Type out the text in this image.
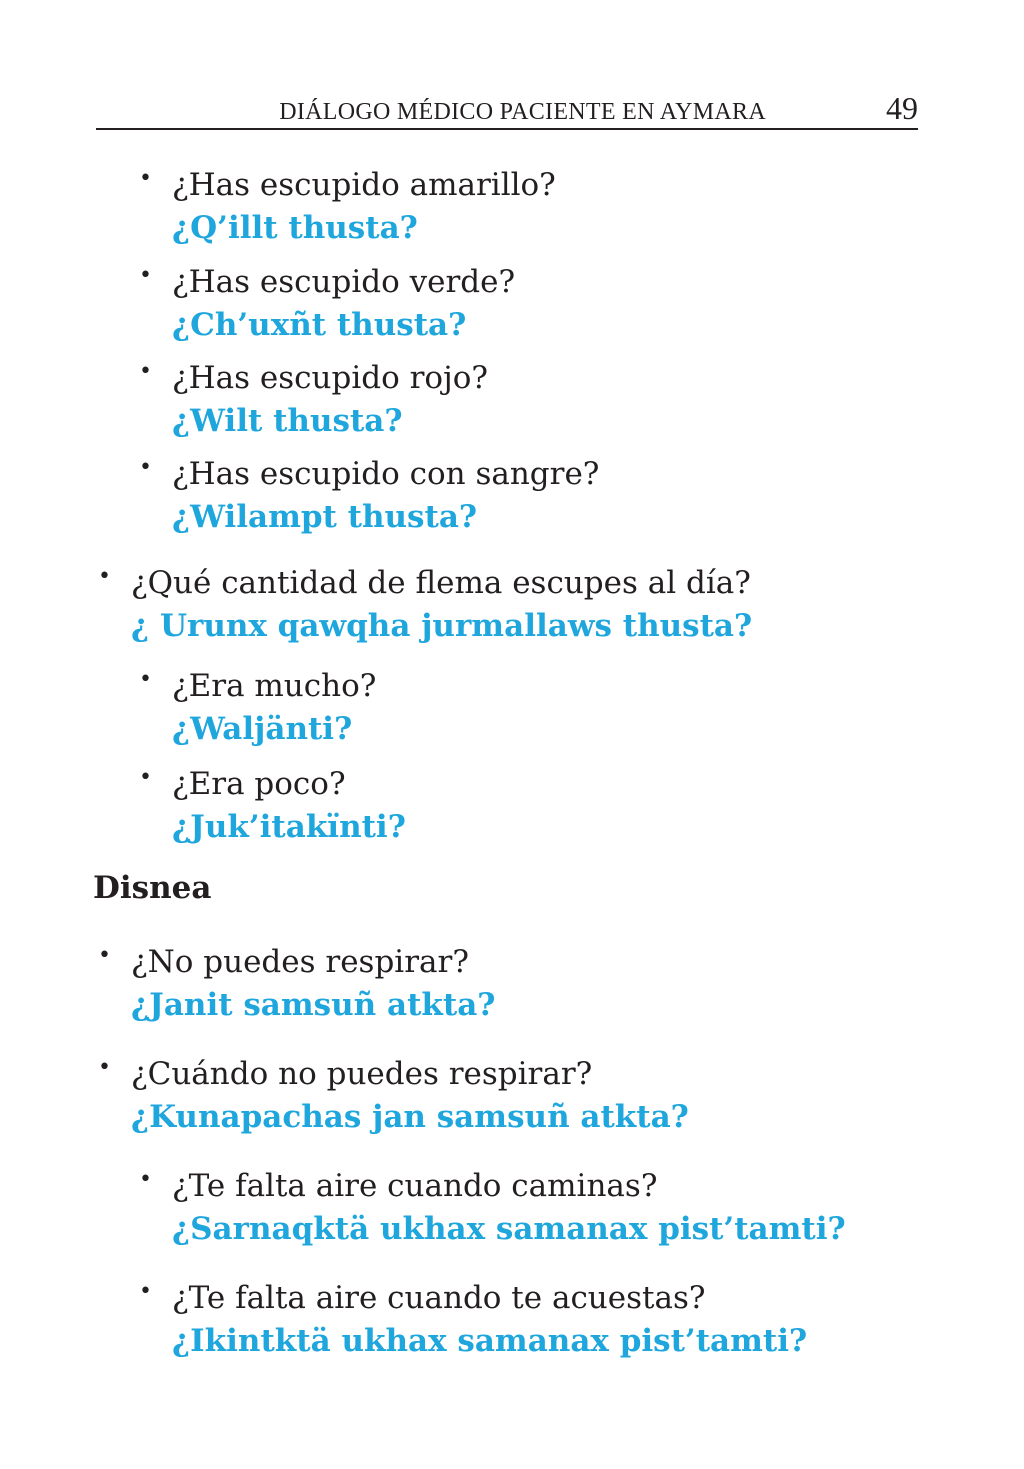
DIÁLOGO MÉDICO PACIENTE EN AYMARA	49
• ¿Has escupido amarillo?
¿Q’illt thusta?
• ¿Has escupido verde?
¿Ch’uxñt thusta?
• ¿Has escupido rojo?
¿Wilt thusta?
• ¿Has escupido con sangre?
¿Wilampt thusta?
• ¿Qué cantidad de flema escupes al día?
¿ Urunx qawqha jurmallaws thusta?
• ¿Era mucho?
¿Waljänti?
• ¿Era poco?
¿Juk’itakïnti?
Disnea
• ¿No puedes respirar?
¿Janit samsuñ atkta?
• ¿Cuándo no puedes respirar?
¿Kunapachas jan samsuñ atkta?
• ¿Te falta aire cuando caminas?
¿Sarnaqktä ukhax samanax pist’tamti?
• ¿Te falta aire cuando te acuestas?
¿Ikintktä ukhax samanax pist’tamti?
